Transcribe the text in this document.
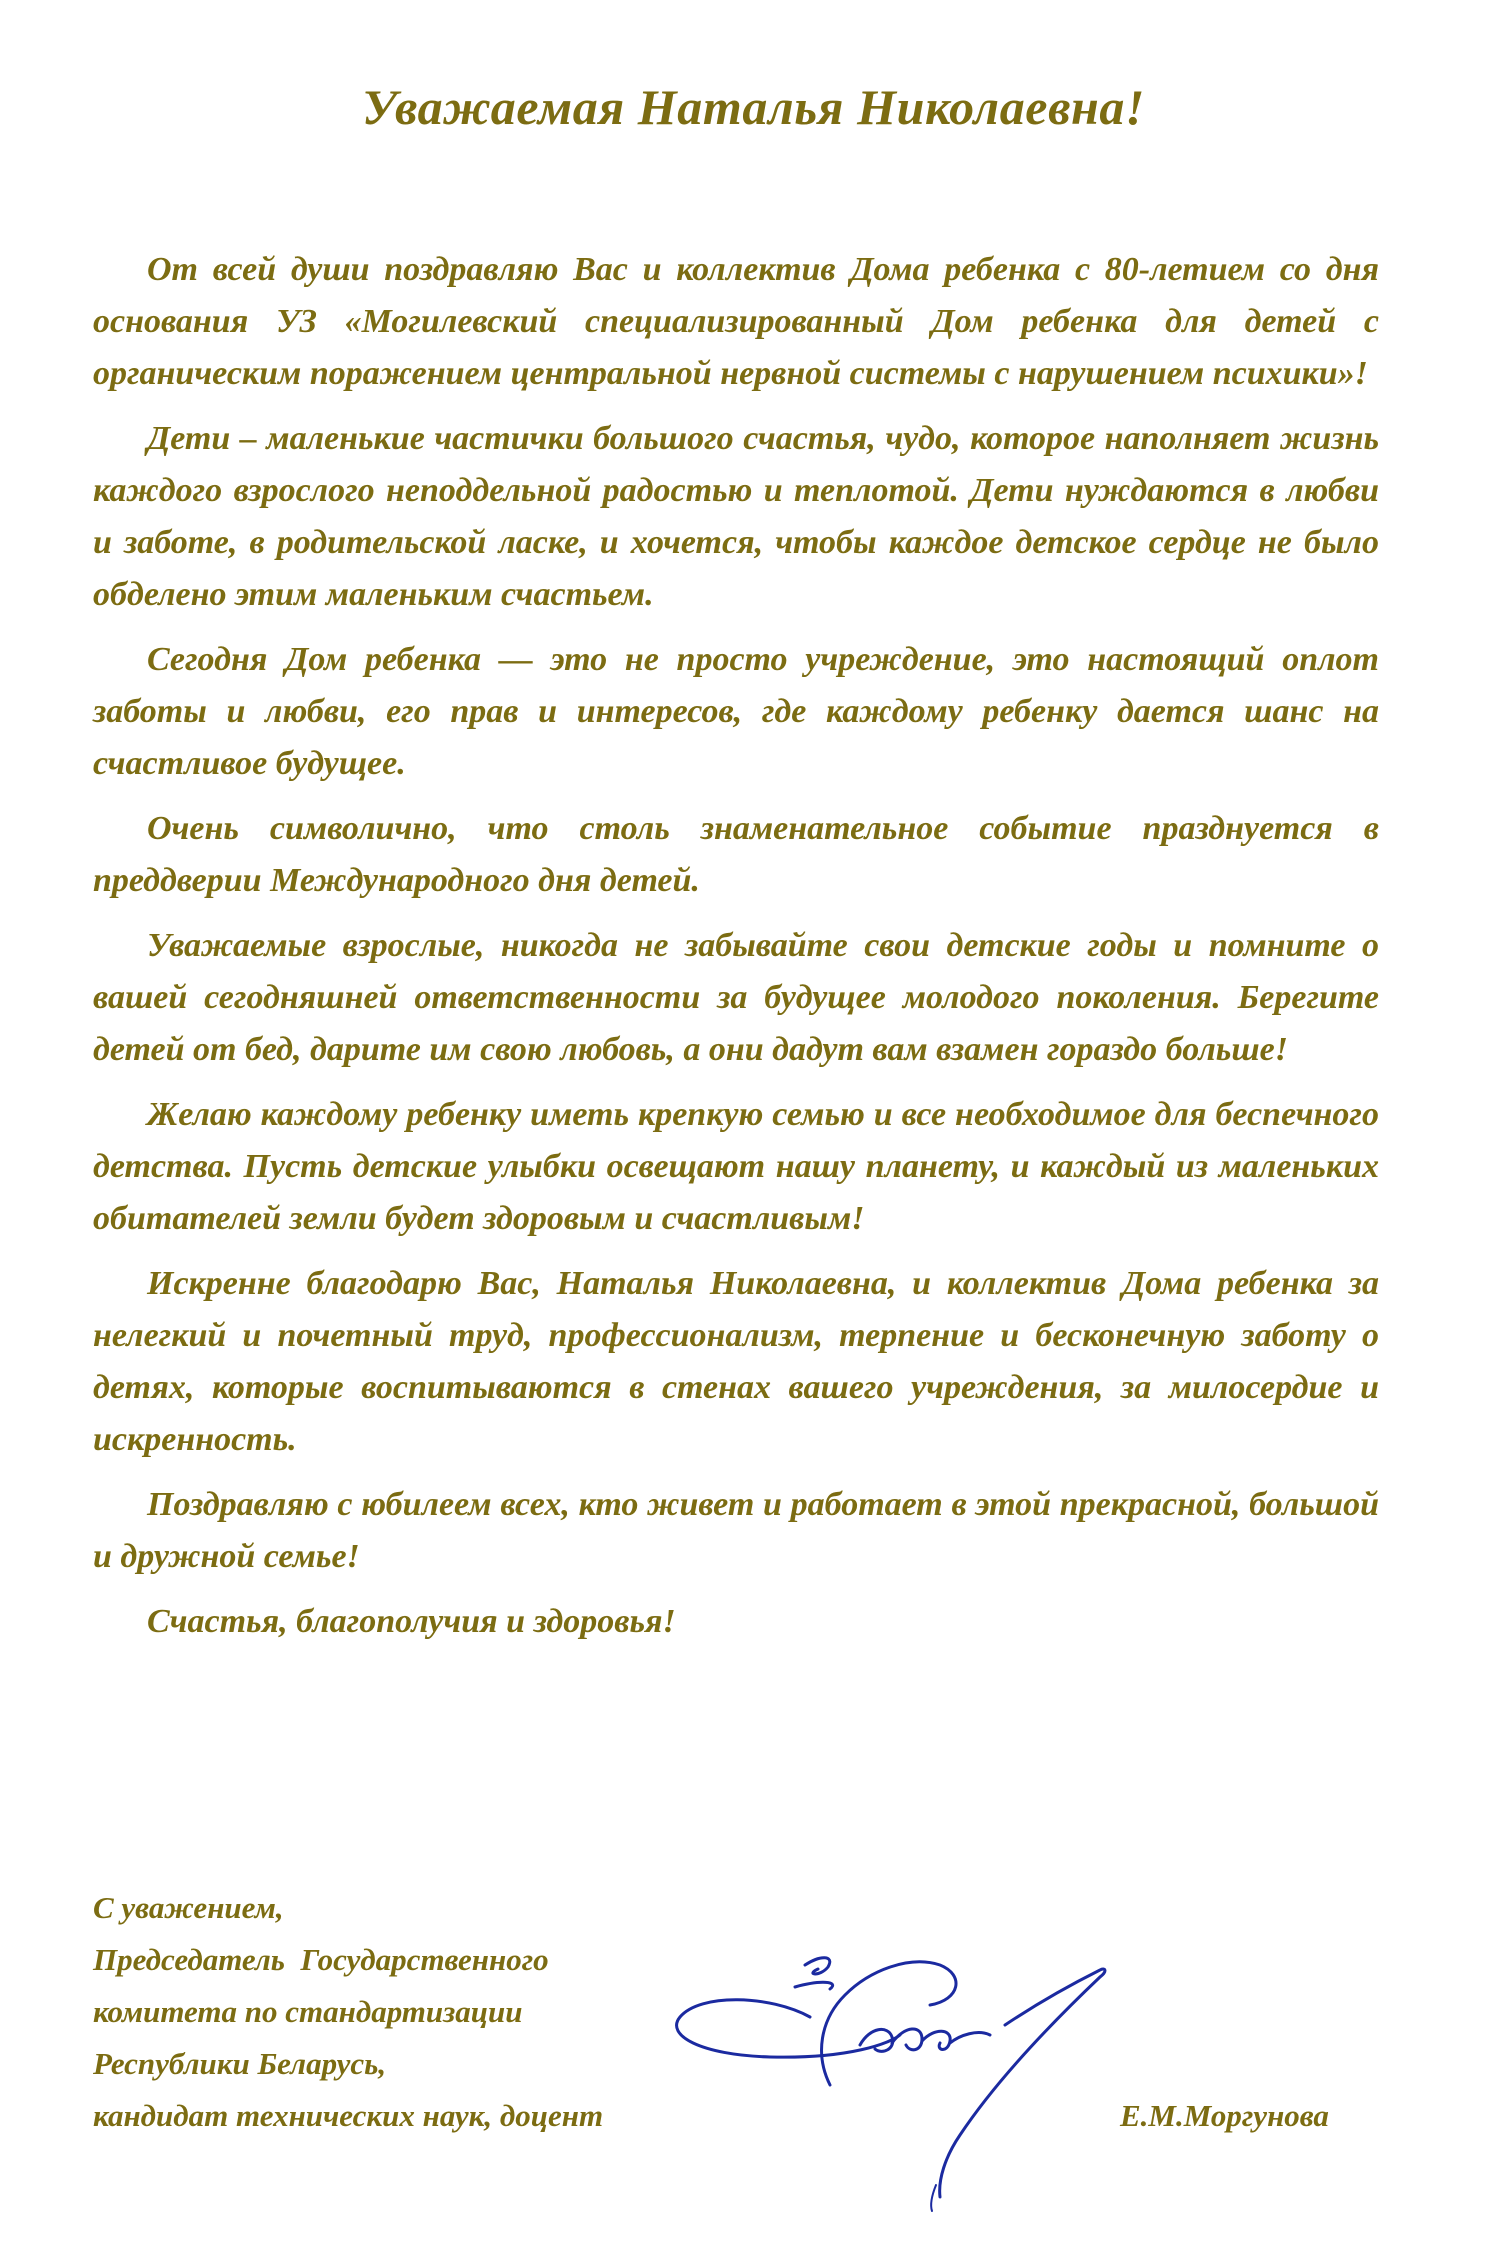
Уважаемая Наталья Николаевна!

От всей души поздравляю Вас и коллектив Дома ребенка с 80-летием со дня основания УЗ «Могилевский специализированный Дом ребенка для детей с органическим поражением центральной нервной системы с нарушением психики»!

Дети – маленькие частички большого счастья, чудо, которое наполняет жизнь каждого взрослого неподдельной радостью и теплотой. Дети нуждаются в любви и заботе, в родительской ласке, и хочется, чтобы каждое детское сердце не было обделено этим маленьким счастьем.

Сегодня Дом ребенка — это не просто учреждение, это настоящий оплот заботы и любви, его прав и интересов, где каждому ребенку дается шанс на счастливое будущее.

Очень символично, что столь знаменательное событие празднуется в преддверии Международного дня детей.

Уважаемые взрослые, никогда не забывайте свои детские годы и помните о вашей сегодняшней ответственности за будущее молодого поколения. Берегите детей от бед, дарите им свою любовь, а они дадут вам взамен гораздо больше!

Желаю каждому ребенку иметь крепкую семью и все необходимое для беспечного детства. Пусть детские улыбки освещают нашу планету, и каждый из маленьких обитателей земли будет здоровым и счастливым!

Искренне благодарю Вас, Наталья Николаевна, и коллектив Дома ребенка за нелегкий и почетный труд, профессионализм, терпение и бесконечную заботу о детях, которые воспитываются в стенах вашего учреждения, за милосердие и искренность.

Поздравляю с юбилеем всех, кто живет и работает в этой прекрасной, большой и дружной семье!

Счастья, благополучия и здоровья!

С уважением,
Председатель  Государственного
комитета по стандартизации
Республики Беларусь,
кандидат технических наук, доцент	Е.М.Моргунова
